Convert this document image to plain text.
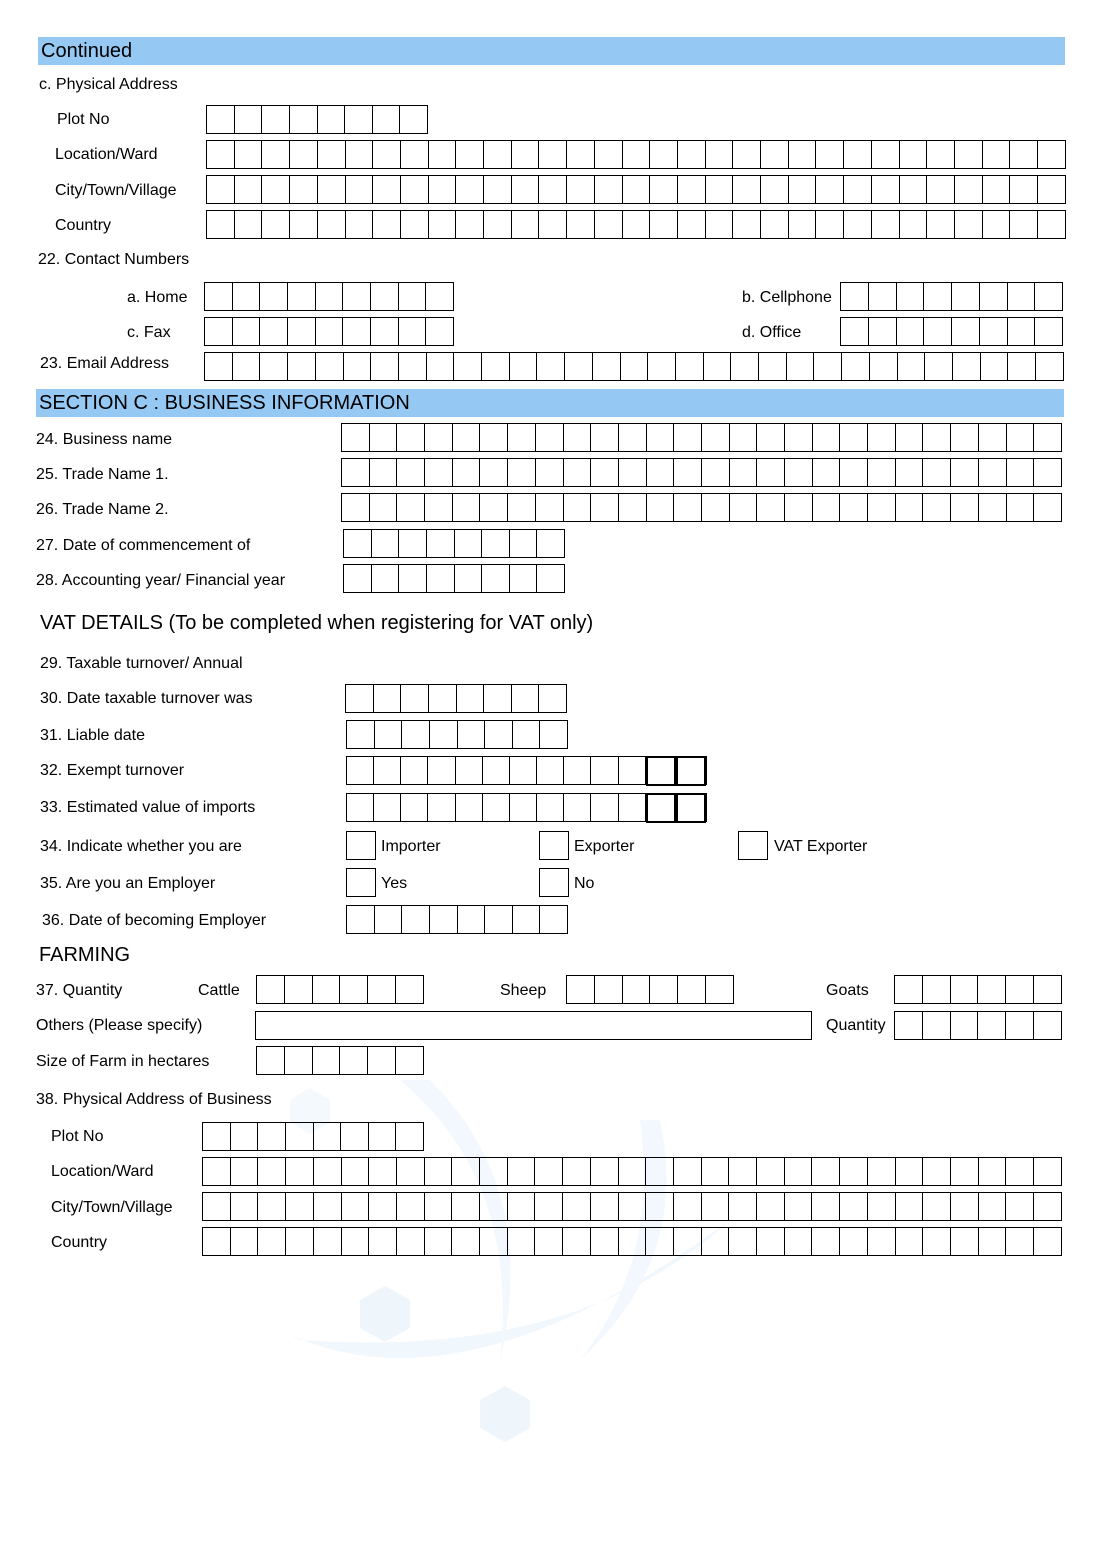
Continued
c. Physical Address
Plot No
Location/Ward
City/Town/Village
Country
22. Contact Numbers
a. Home	b. Cellphone
c. Fax	d. Office
23. Email Address
SECTION C : BUSINESS INFORMATION
24. Business name
25. Trade Name 1.
26. Trade Name 2.
27. Date of commencement of
28. Accounting year/ Financial year
VAT DETAILS (To be completed when registering for VAT only)
29. Taxable turnover/ Annual
30. Date taxable turnover was
31. Liable date
32. Exempt turnover
33. Estimated value of imports
34. Indicate whether you are	Importer	Exporter	VAT Exporter
35. Are you an Employer	Yes	No
36. Date of becoming Employer
FARMING
37. Quantity	Cattle	Sheep	Goats
Others (Please specify)	Quantity
Size of Farm in hectares
38. Physical Address of Business
Plot No
Location/Ward
City/Town/Village
Country
